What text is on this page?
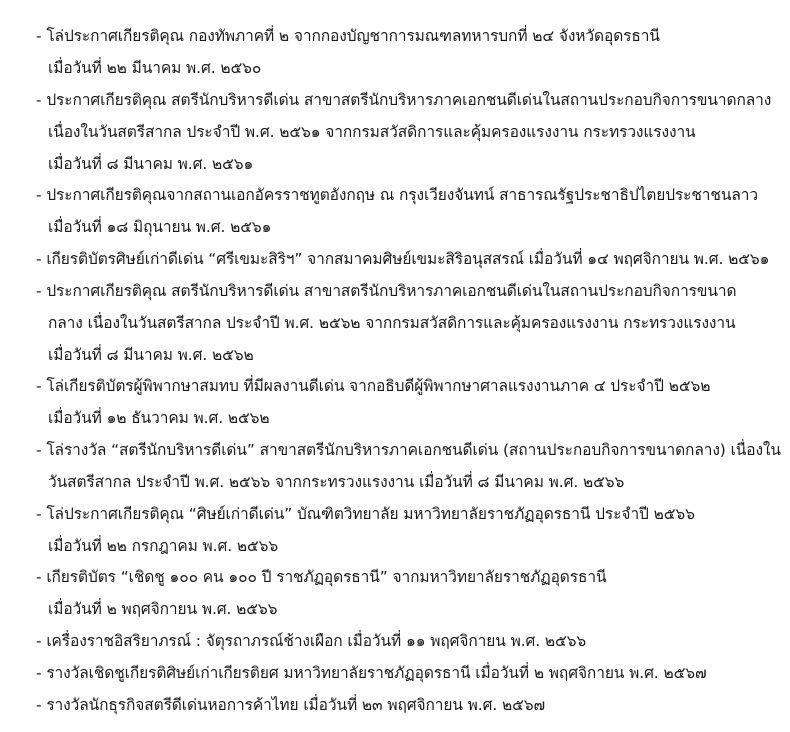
- โล่ประกาศเกียรติคุณ กองทัพภาคที่ ๒ จากกองบัญชาการมณฑลทหารบกที่ ๒๔ จังหวัดอุดรธานี
เมื่อวันที่ ๒๒ มีนาคม พ.ศ. ๒๕๖๐
- ประกาศเกียรติคุณ สตรีนักบริหารดีเด่น สาขาสตรีนักบริหารภาคเอกชนดีเด่นในสถานประกอบกิจการขนาดกลาง
เนื่องในวันสตรีสากล ประจำปี พ.ศ. ๒๕๖๑ จากกรมสวัสดิการและคุ้มครองแรงงาน กระทรวงแรงงาน
เมื่อวันที่ ๘ มีนาคม พ.ศ. ๒๕๖๑
- ประกาศเกียรติคุณจากสถานเอกอัครราชทูตอังกฤษ ณ กรุงเวียงจันทน์ สาธารณรัฐประชาธิปไตยประชาชนลาว
เมื่อวันที่ ๑๘ มิถุนายน พ.ศ. ๒๕๖๑
- เกียรติบัตรศิษย์เก่าดีเด่น “ศรีเขมะสิริฯ” จากสมาคมศิษย์เขมะสิริอนุสสรณ์ เมื่อวันที่ ๑๔ พฤศจิกายน พ.ศ. ๒๕๖๑
- ประกาศเกียรติคุณ สตรีนักบริหารดีเด่น สาขาสตรีนักบริหารภาคเอกชนดีเด่นในสถานประกอบกิจการขนาด
กลาง เนื่องในวันสตรีสากล ประจำปี พ.ศ. ๒๕๖๒ จากกรมสวัสดิการและคุ้มครองแรงงาน กระทรวงแรงงาน
เมื่อวันที่ ๘ มีนาคม พ.ศ. ๒๕๖๒
- โล่เกียรติบัตรผู้พิพากษาสมทบ ที่มีผลงานดีเด่น จากอธิบดีผู้พิพากษาศาลแรงงานภาค ๔ ประจำปี ๒๕๖๒
เมื่อวันที่ ๑๒ ธันวาคม พ.ศ. ๒๕๖๒
- โล่รางวัล “สตรีนักบริหารดีเด่น” สาขาสตรีนักบริหารภาคเอกชนดีเด่น (สถานประกอบกิจการขนาดกลาง) เนื่องใน
วันสตรีสากล ประจำปี พ.ศ. ๒๕๖๖ จากกระทรวงแรงงาน เมื่อวันที่ ๘ มีนาคม พ.ศ. ๒๕๖๖
- โล่ประกาศเกียรติคุณ “ศิษย์เก่าดีเด่น” บัณฑิตวิทยาลัย มหาวิทยาลัยราชภัฏอุดรธานี ประจำปี ๒๕๖๖
เมื่อวันที่ ๒๒ กรกฎาคม พ.ศ. ๒๕๖๖
- เกียรติบัตร “เชิดชู ๑๐๐ คน ๑๐๐ ปี ราชภัฏอุดรธานี” จากมหาวิทยาลัยราชภัฏอุดรธานี
เมื่อวันที่ ๒ พฤศจิกายน พ.ศ. ๒๕๖๖
- เครื่องราชอิสริยาภรณ์ : จัตุรถาภรณ์ช้างเผือก เมื่อวันที่ ๑๑ พฤศจิกายน พ.ศ. ๒๕๖๖
- รางวัลเชิดชูเกียรติศิษย์เก่าเกียรติยศ มหาวิทยาลัยราชภัฏอุดรธานี เมื่อวันที่ ๒ พฤศจิกายน พ.ศ. ๒๕๖๗
- รางวัลนักธุรกิจสตรีดีเด่นหอการค้าไทย เมื่อวันที่ ๒๓ พฤศจิกายน พ.ศ. ๒๕๖๗
